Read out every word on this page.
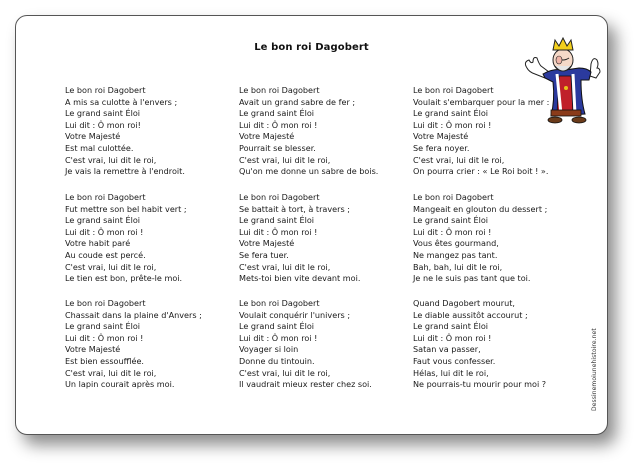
Le bon roi Dagobert
Le bon roi Dagobert
A mis sa culotte à l'envers ;
Le grand saint Éloi
Lui dit : Ô mon roi!
Votre Majesté
Est mal culottée.
C'est vrai, lui dit le roi,
Je vais la remettre à l'endroit.
Le bon roi Dagobert
Avait un grand sabre de fer ;
Le grand saint Éloi
Lui dit : Ô mon roi !
Votre Majesté
Pourrait se blesser.
C'est vrai, lui dit le roi,
Qu'on me donne un sabre de bois.
Le bon roi Dagobert
Voulait s'embarquer pour la mer :
Le grand saint Éloi
Lui dit : Ô mon roi !
Votre Majesté
Se fera noyer.
C'est vrai, lui dit le roi,
On pourra crier : « Le Roi boit ! ».
Le bon roi Dagobert
Fut mettre son bel habit vert ;
Le grand saint Éloi
Lui dit : Ô mon roi !
Votre habit paré
Au coude est percé.
C'est vrai, lui dit le roi,
Le tien est bon, prête-le moi.
Le bon roi Dagobert
Se battait à tort, à travers ;
Le grand saint Éloi
Lui dit : Ô mon roi !
Votre Majesté
Se fera tuer.
C'est vrai, lui dit le roi,
Mets-toi bien vite devant moi.
Le bon roi Dagobert
Mangeait en glouton du dessert ;
Le grand saint Éloi
Lui dit : Ô mon roi !
Vous êtes gourmand,
Ne mangez pas tant.
Bah, bah, lui dit le roi,
Je ne le suis pas tant que toi.
Le bon roi Dagobert
Chassait dans la plaine d'Anvers ;
Le grand saint Éloi
Lui dit : Ô mon roi !
Votre Majesté
Est bien essoufflée.
C'est vrai, lui dit le roi,
Un lapin courait après moi.
Le bon roi Dagobert
Voulait conquérir l'univers ;
Le grand saint Éloi
Lui dit : Ô mon roi !
Voyager si loin
Donne du tintouin.
C'est vrai, lui dit le roi,
Il vaudrait mieux rester chez soi.
Quand Dagobert mourut,
Le diable aussitôt accourut ;
Le grand saint Éloi
Lui dit : Ô mon roi !
Satan va passer,
Faut vous confesser.
Hélas, lui dit le roi,
Ne pourrais-tu mourir pour moi ?	Dessinemoiunehistoire.net
